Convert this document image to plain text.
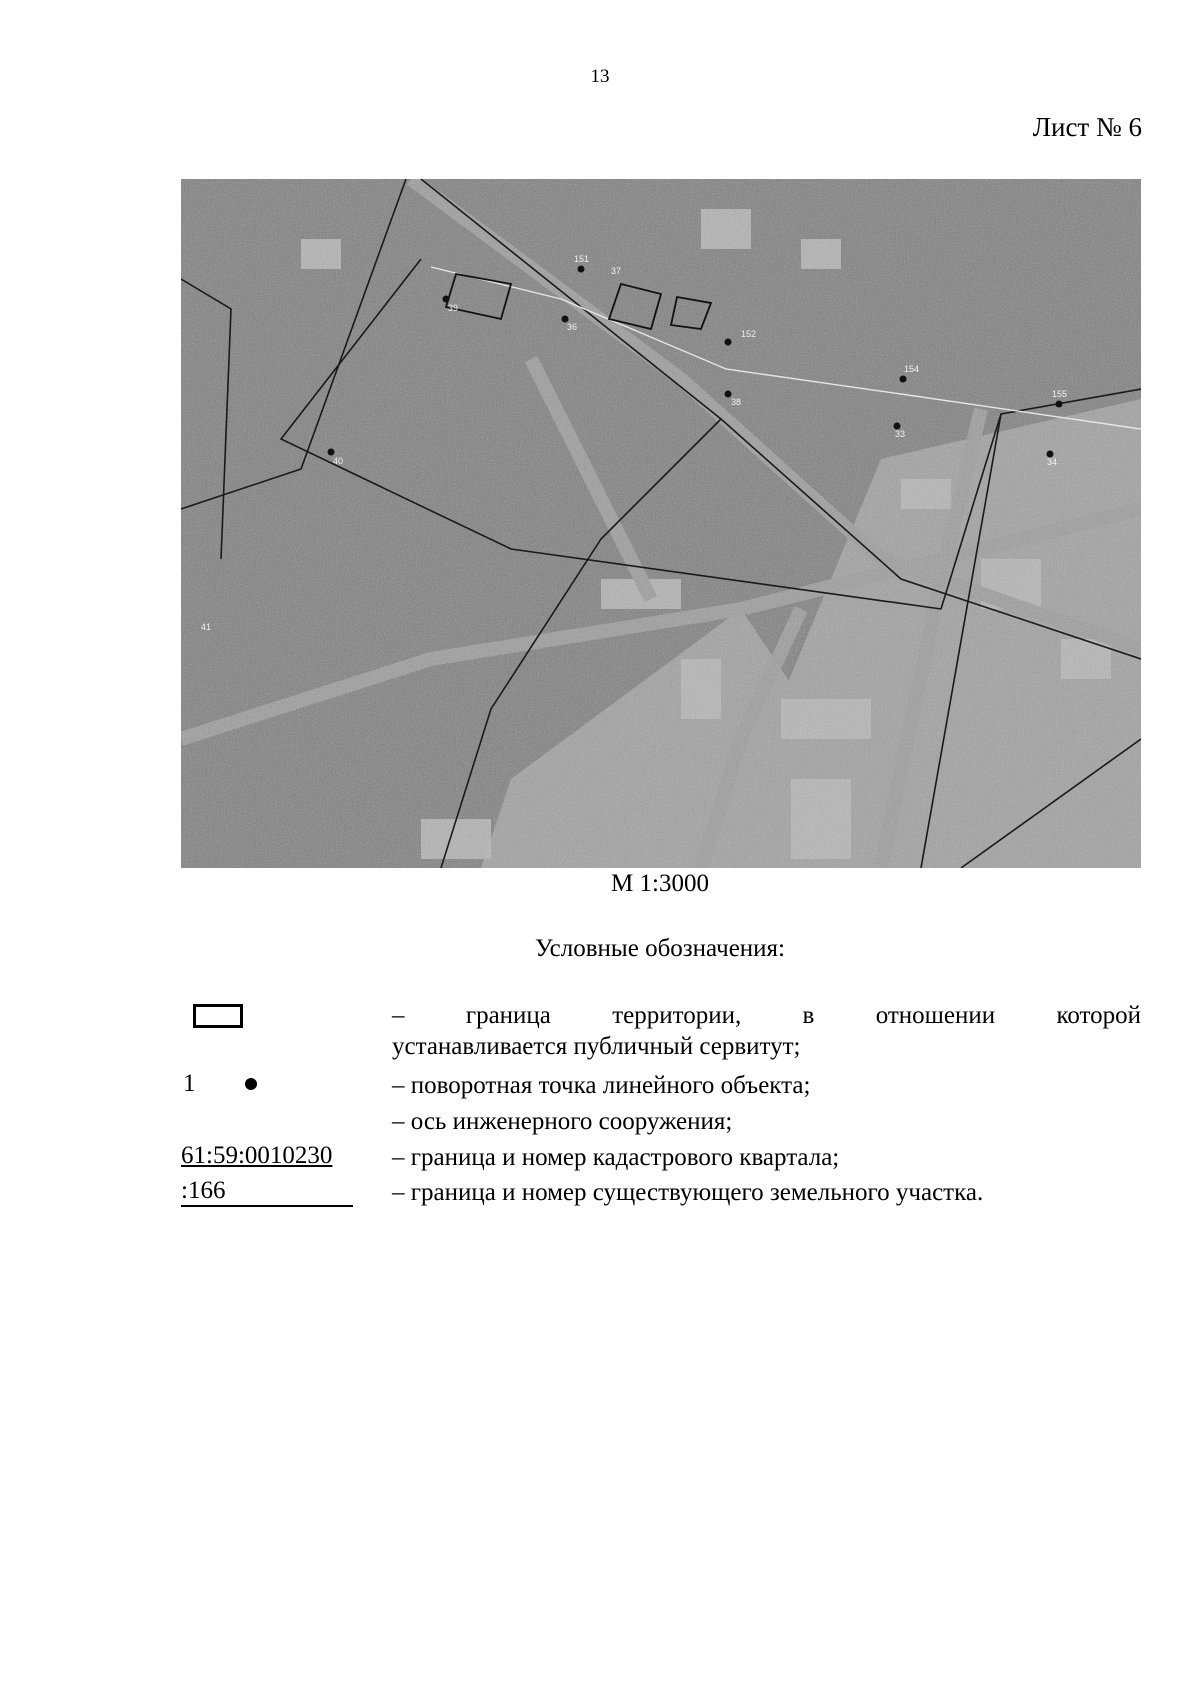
13
Лист № 6
151
152
154
155
38
39
40
41
33
34
36
37
М 1:3000
Условные обозначения:
– граница территории, в отношении которой
устанавливается публичный сервитут;
1	– поворотная точка линейного объекта;
– ось инженерного сооружения;
61:59:0010230
:166
– граница и номер кадастрового квартала;
– граница и номер существующего земельного участка.
